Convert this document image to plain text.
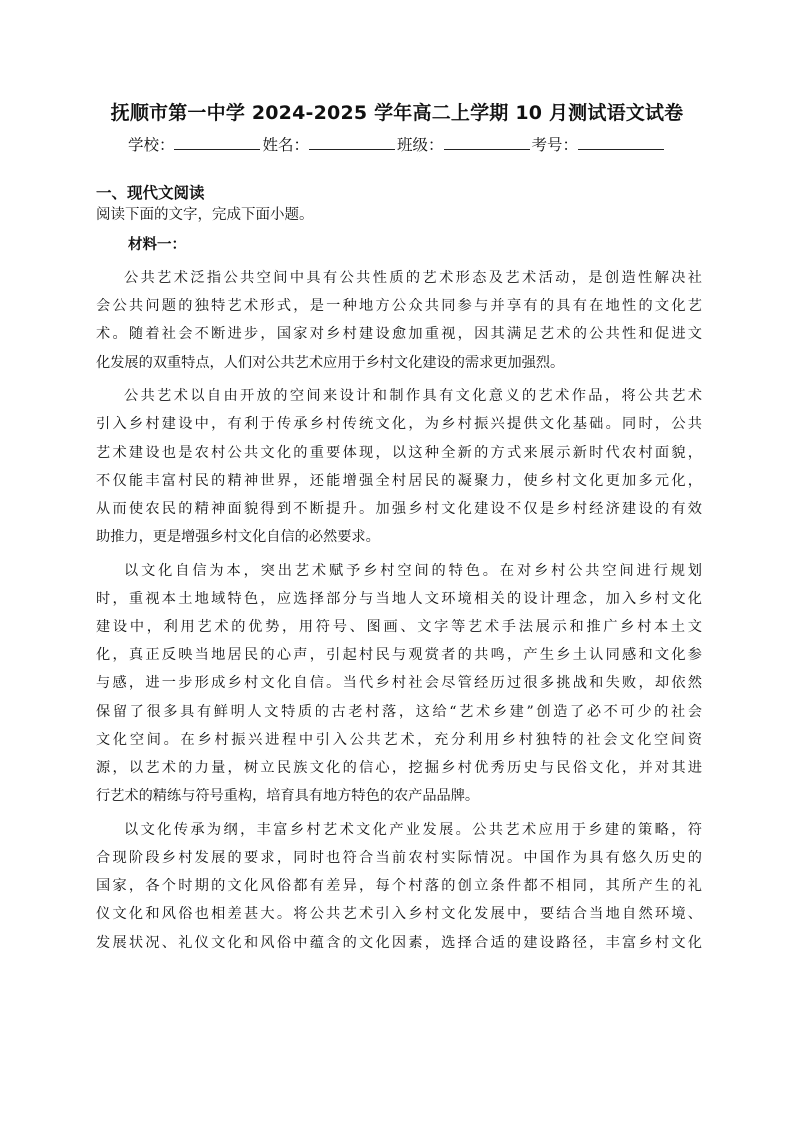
抚顺市第一中学 2024-2025 学年高二上学期 10 月测试语文试卷
学校：	姓名：	班级：	考号：
一、现代文阅读
阅读下面的文字，完成下面小题。
材料一：
公共艺术泛指公共空间中具有公共性质的艺术形态及艺术活动，是创造性解决社
会公共问题的独特艺术形式，是一种地方公众共同参与并享有的具有在地性的文化艺
术。随着社会不断进步，国家对乡村建设愈加重视，因其满足艺术的公共性和促进文
化发展的双重特点，人们对公共艺术应用于乡村文化建设的需求更加强烈。
公共艺术以自由开放的空间来设计和制作具有文化意义的艺术作品，将公共艺术
引入乡村建设中，有利于传承乡村传统文化，为乡村振兴提供文化基础。同时，公共
艺术建设也是农村公共文化的重要体现，以这种全新的方式来展示新时代农村面貌，
不仅能丰富村民的精神世界，还能增强全村居民的凝聚力，使乡村文化更加多元化，
从而使农民的精神面貌得到不断提升。加强乡村文化建设不仅是乡村经济建设的有效
助推力，更是增强乡村文化自信的必然要求。
以文化自信为本，突出艺术赋予乡村空间的特色。在对乡村公共空间进行规划
时，重视本土地域特色，应选择部分与当地人文环境相关的设计理念，加入乡村文化
建设中，利用艺术的优势，用符号、图画、文字等艺术手法展示和推广乡村本土文
化，真正反映当地居民的心声，引起村民与观赏者的共鸣，产生乡土认同感和文化参
与感，进一步形成乡村文化自信。当代乡村社会尽管经历过很多挑战和失败，却依然
保留了很多具有鲜明人文特质的古老村落，这给“艺术乡建”创造了必不可少的社会
文化空间。在乡村振兴进程中引入公共艺术，充分利用乡村独特的社会文化空间资
源，以艺术的力量，树立民族文化的信心，挖掘乡村优秀历史与民俗文化，并对其进
行艺术的精练与符号重构，培育具有地方特色的农产品品牌。
以文化传承为纲，丰富乡村艺术文化产业发展。公共艺术应用于乡建的策略，符
合现阶段乡村发展的要求，同时也符合当前农村实际情况。中国作为具有悠久历史的
国家，各个时期的文化风俗都有差异，每个村落的创立条件都不相同，其所产生的礼
仪文化和风俗也相差甚大。将公共艺术引入乡村文化发展中，要结合当地自然环境、
发展状况、礼仪文化和风俗中蕴含的文化因素，选择合适的建设路径，丰富乡村文化
